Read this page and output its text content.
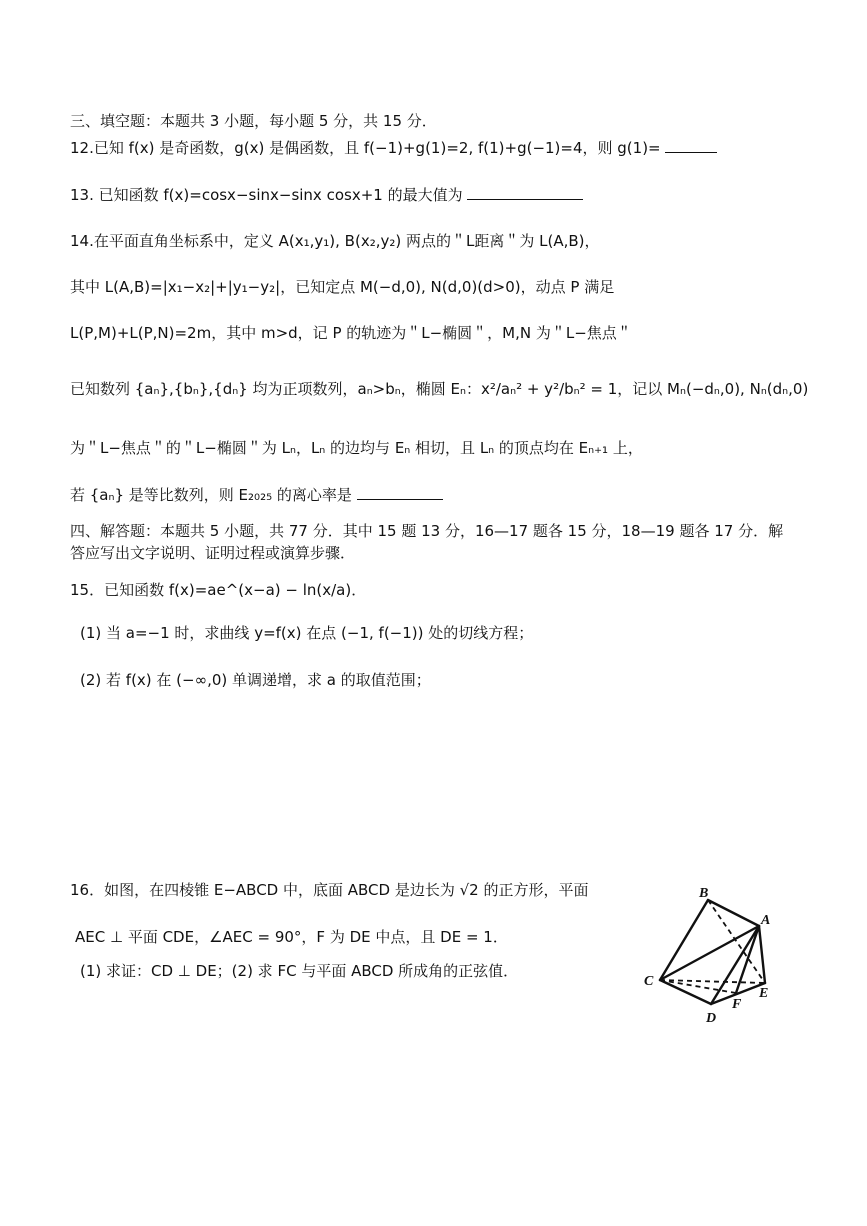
三、填空题：本题共 3 小题，每小题 5 分，共 15 分．
12.已知 f(x) 是奇函数，g(x) 是偶函数，且 f(−1)+g(1)=2, f(1)+g(−1)=4，则 g(1)=
13. 已知函数 f(x)=cosx−sinx−sinx cosx+1 的最大值为
14.在平面直角坐标系中，定义 A(x₁,y₁), B(x₂,y₂) 两点的＂L距离＂为 L(A,B)，
其中 L(A,B)=|x₁−x₂|+|y₁−y₂|，已知定点 M(−d,0), N(d,0)(d>0)，动点 P 满足
L(P,M)+L(P,N)=2m，其中 m>d，记 P 的轨迹为＂L−椭圆＂，M,N 为＂L−焦点＂
已知数列 {aₙ},{bₙ},{dₙ} 均为正项数列，aₙ>bₙ，椭圆 Eₙ：x²/aₙ² + y²/bₙ² = 1，记以 Mₙ(−dₙ,0), Nₙ(dₙ,0)
为＂L−焦点＂的＂L−椭圆＂为 Lₙ，Lₙ 的边均与 Eₙ 相切，且 Lₙ 的顶点均在 Eₙ₊₁ 上，
若 {aₙ} 是等比数列，则 E₂₀₂₅ 的离心率是
四、解答题：本题共 5 小题，共 77 分．其中 15 题 13 分，16—17 题各 15 分，18—19 题各 17 分．解答应写出文字说明、证明过程或演算步骤．
15．已知函数 f(x)=ae^(x−a) − ln(x/a)．
(1) 当 a=−1 时，求曲线 y=f(x) 在点 (−1, f(−1)) 处的切线方程；
(2) 若 f(x) 在 (−∞,0) 单调递增，求 a 的取值范围；
16．如图，在四棱锥 E−ABCD 中，底面 ABCD 是边长为 √2 的正方形，平面
AEC ⊥ 平面 CDE，∠AEC = 90°，F 为 DE 中点，且 DE = 1．
(1) 求证：CD ⊥ DE；(2) 求 FC 与平面 ABCD 所成角的正弦值．
B
A
C
E
F
D
